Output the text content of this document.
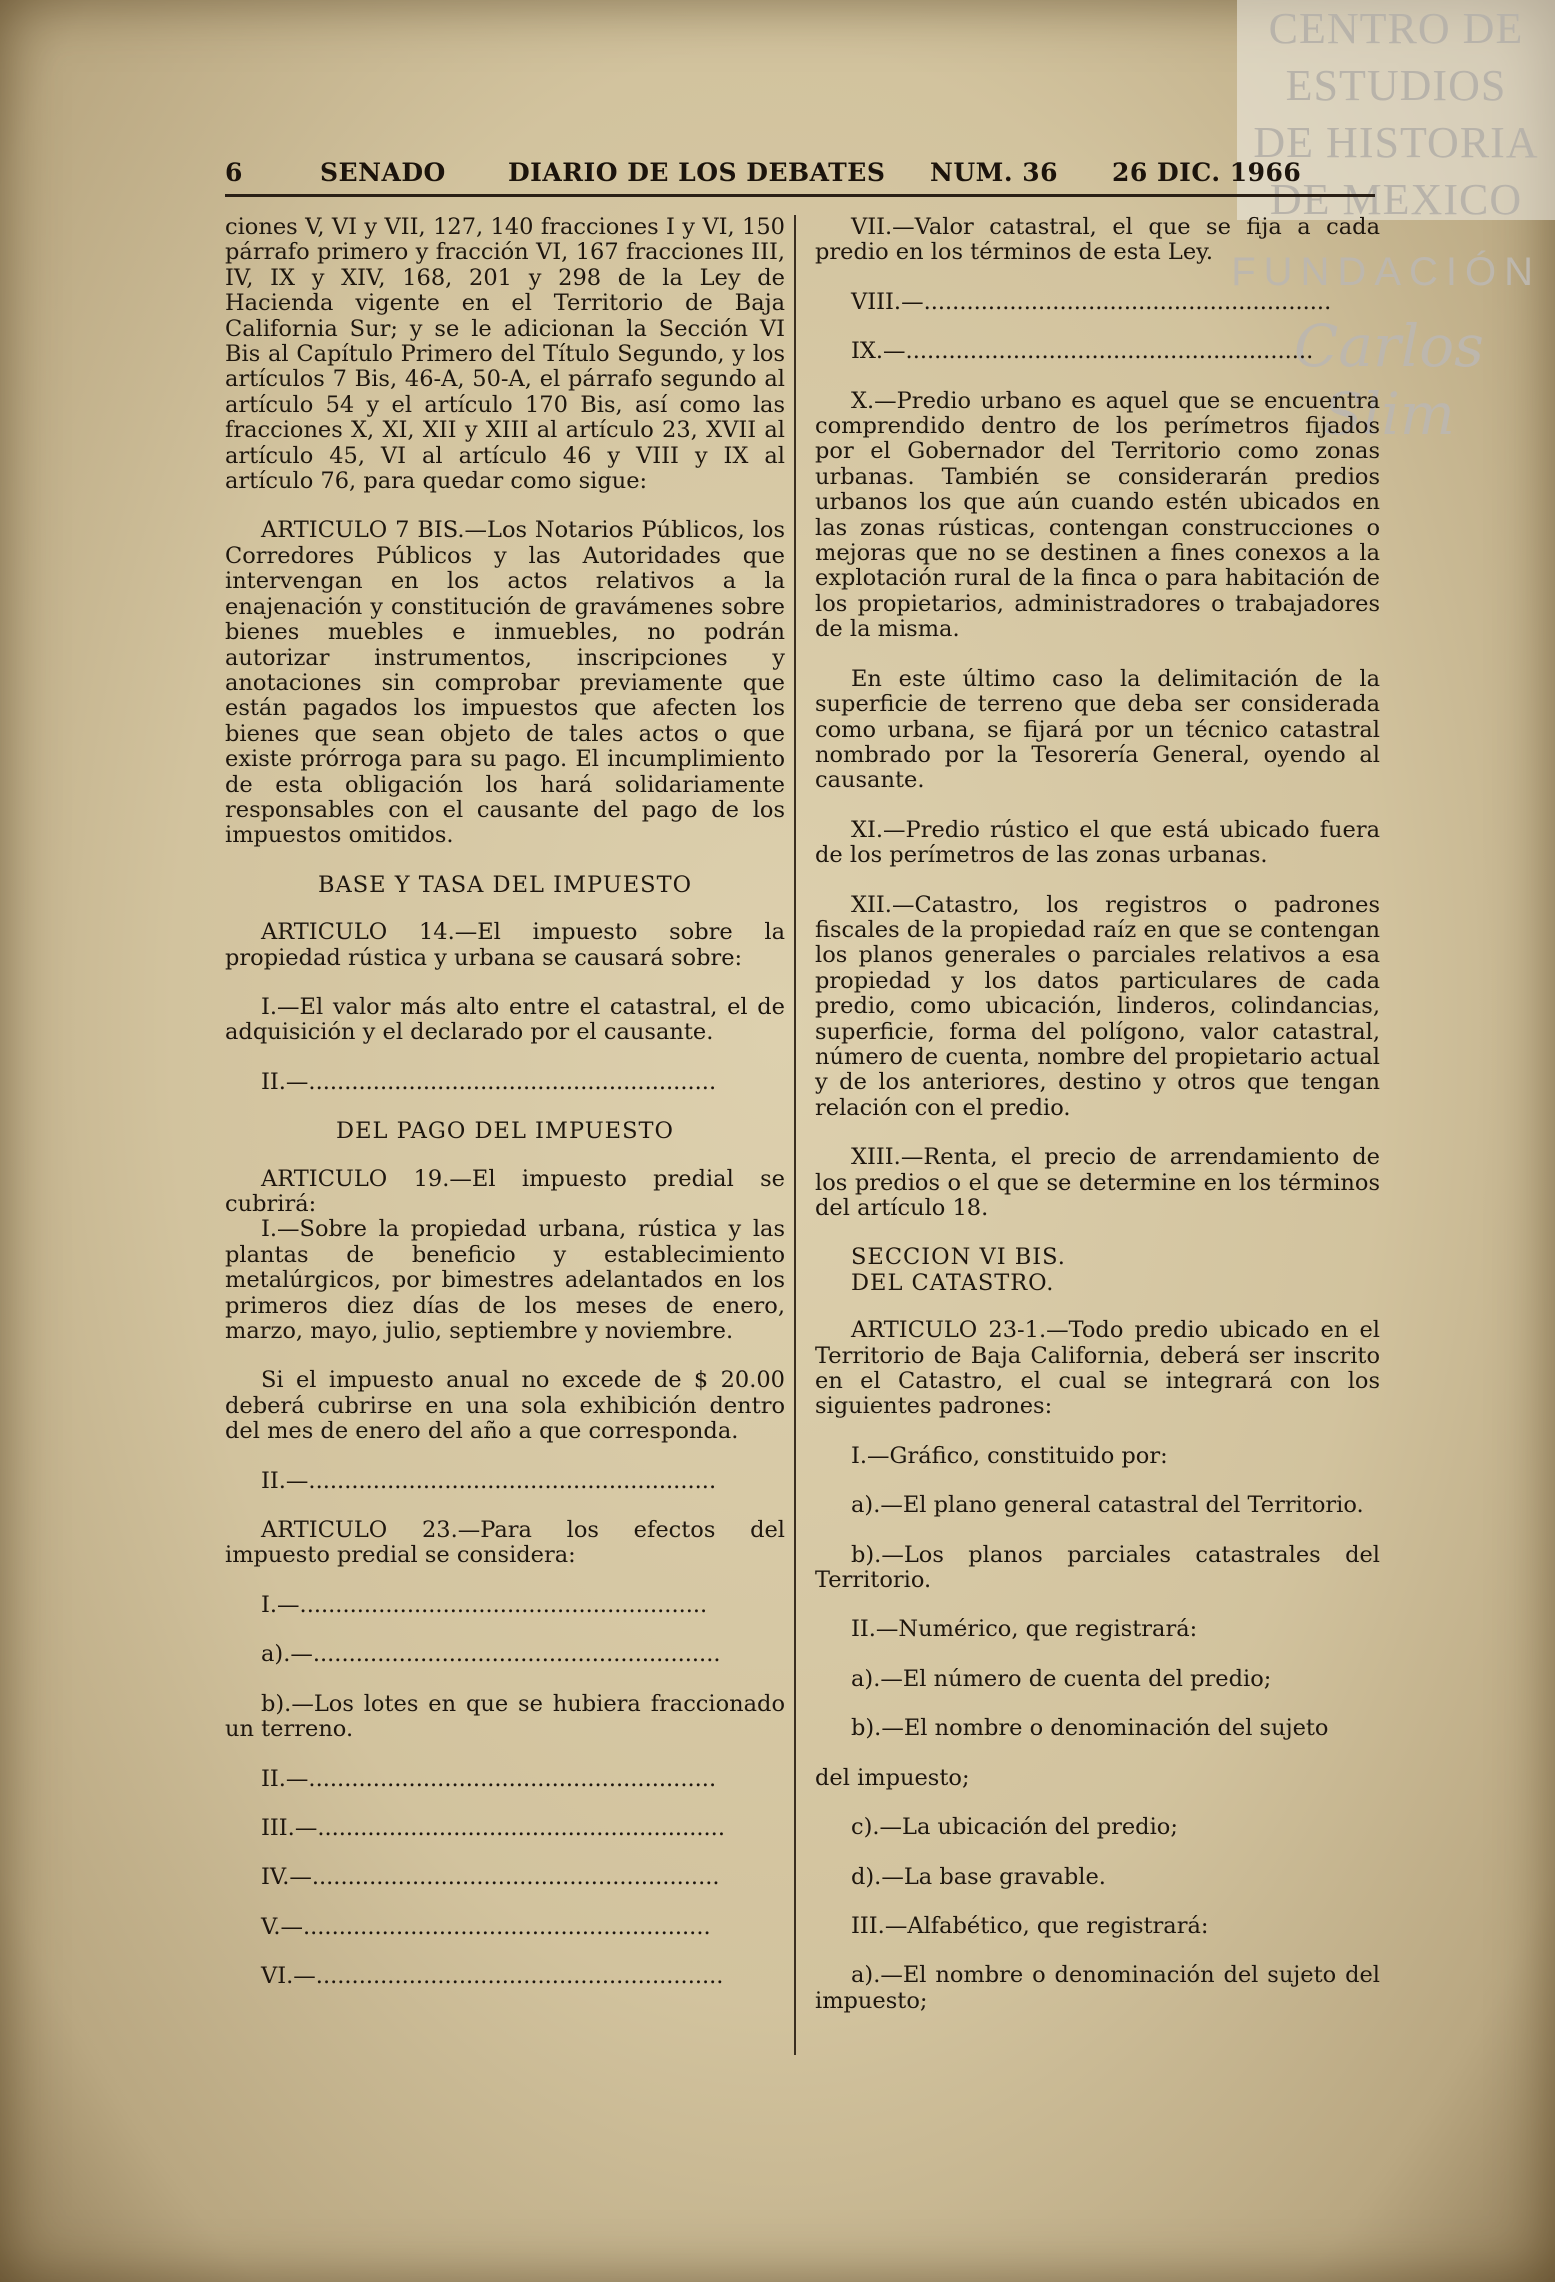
CENTRO DE
ESTUDIOS
DE HISTORIA
DE MEXICO
FUNDACIÓN
Carlos Slim
6	SENADO DIARIO DE LOS DEBATES NUM. 36 26 DIC. 1966

ciones V, VI y VII, 127, 140 fracciones I y VI, 150 párrafo primero y fracción VI, 167 fracciones III, IV, IX y XIV, 168, 201 y 298 de la Ley de Hacienda vigente en el Territorio de Baja California Sur; y se le adicionan la Sección VI Bis al Capítulo Primero del Título Segundo, y los artículos 7 Bis, 46-A, 50-A, el párrafo segundo al artículo 54 y el artículo 170 Bis, así como las fracciones X, XI, XII y XIII al artículo 23, XVII al artículo 45, VI al artículo 46 y VIII y IX al artículo 76, para quedar como sigue:

ARTICULO 7 BIS.—Los Notarios Públicos, los Corredores Públicos y las Autoridades que intervengan en los actos relativos a la enajenación y constitución de gravámenes sobre bienes muebles e inmuebles, no podrán autorizar instrumentos, inscripciones y anotaciones sin comprobar previamente que están pagados los impuestos que afecten los bienes que sean objeto de tales actos o que existe prórroga para su pago. El incumplimiento de esta obligación los hará solidariamente responsables con el causante del pago de los impuestos omitidos.

BASE Y TASA DEL IMPUESTO

ARTICULO 14.—El impuesto sobre la propiedad rústica y urbana se causará sobre:

I.—El valor más alto entre el catastral, el de adquisición y el declarado por el causante.

II.—.........................................................

DEL PAGO DEL IMPUESTO

ARTICULO 19.—El impuesto predial se cubrirá:

I.—Sobre la propiedad urbana, rústica y las plantas de beneficio y establecimiento metalúrgicos, por bimestres adelantados en los primeros diez días de los meses de enero, marzo, mayo, julio, septiembre y noviembre.

Si el impuesto anual no excede de $ 20.00 deberá cubrirse en una sola exhibición dentro del mes de enero del año a que corresponda.

II.—.........................................................

ARTICULO 23.—Para los efectos del impuesto predial se considera:

I.—.........................................................

a).—.........................................................

b).—Los lotes en que se hubiera fraccionado un terreno.

II.—.........................................................

III.—.........................................................

IV.—.........................................................

V.—.........................................................

VI.—.........................................................

VII.—Valor catastral, el que se fija a cada predio en los términos de esta Ley.

VIII.—.........................................................

IX.—.........................................................

X.—Predio urbano es aquel que se encuentra comprendido dentro de los perímetros fijados por el Gobernador del Territorio como zonas urbanas. También se considerarán predios urbanos los que aún cuando estén ubicados en las zonas rústicas, contengan construcciones o mejoras que no se destinen a fines conexos a la explotación rural de la finca o para habitación de los propietarios, administradores o trabajadores de la misma.

En este último caso la delimitación de la superficie de terreno que deba ser considerada como urbana, se fijará por un técnico catastral nombrado por la Tesorería General, oyendo al causante.

XI.—Predio rústico el que está ubicado fuera de los perímetros de las zonas urbanas.

XII.—Catastro, los registros o padrones fiscales de la propiedad raíz en que se contengan los planos generales o parciales relativos a esa propiedad y los datos particulares de cada predio, como ubicación, linderos, colindancias, superficie, forma del polígono, valor catastral, número de cuenta, nombre del propietario actual y de los anteriores, destino y otros que tengan relación con el predio.

XIII.—Renta, el precio de arrendamiento de los predios o el que se determine en los términos del artículo 18.

SECCION VI BIS.

DEL CATASTRO.

ARTICULO 23-1.—Todo predio ubicado en el Territorio de Baja California, deberá ser inscrito en el Catastro, el cual se integrará con los siguientes padrones:

I.—Gráfico, constituido por:

a).—El plano general catastral del Territorio.

b).—Los planos parciales catastrales del Territorio.

II.—Numérico, que registrará:

a).—El número de cuenta del predio;

b).—El nombre o denominación del sujeto

del impuesto;

c).—La ubicación del predio;

d).—La base gravable.

III.—Alfabético, que registrará:

a).—El nombre o denominación del sujeto del impuesto;
